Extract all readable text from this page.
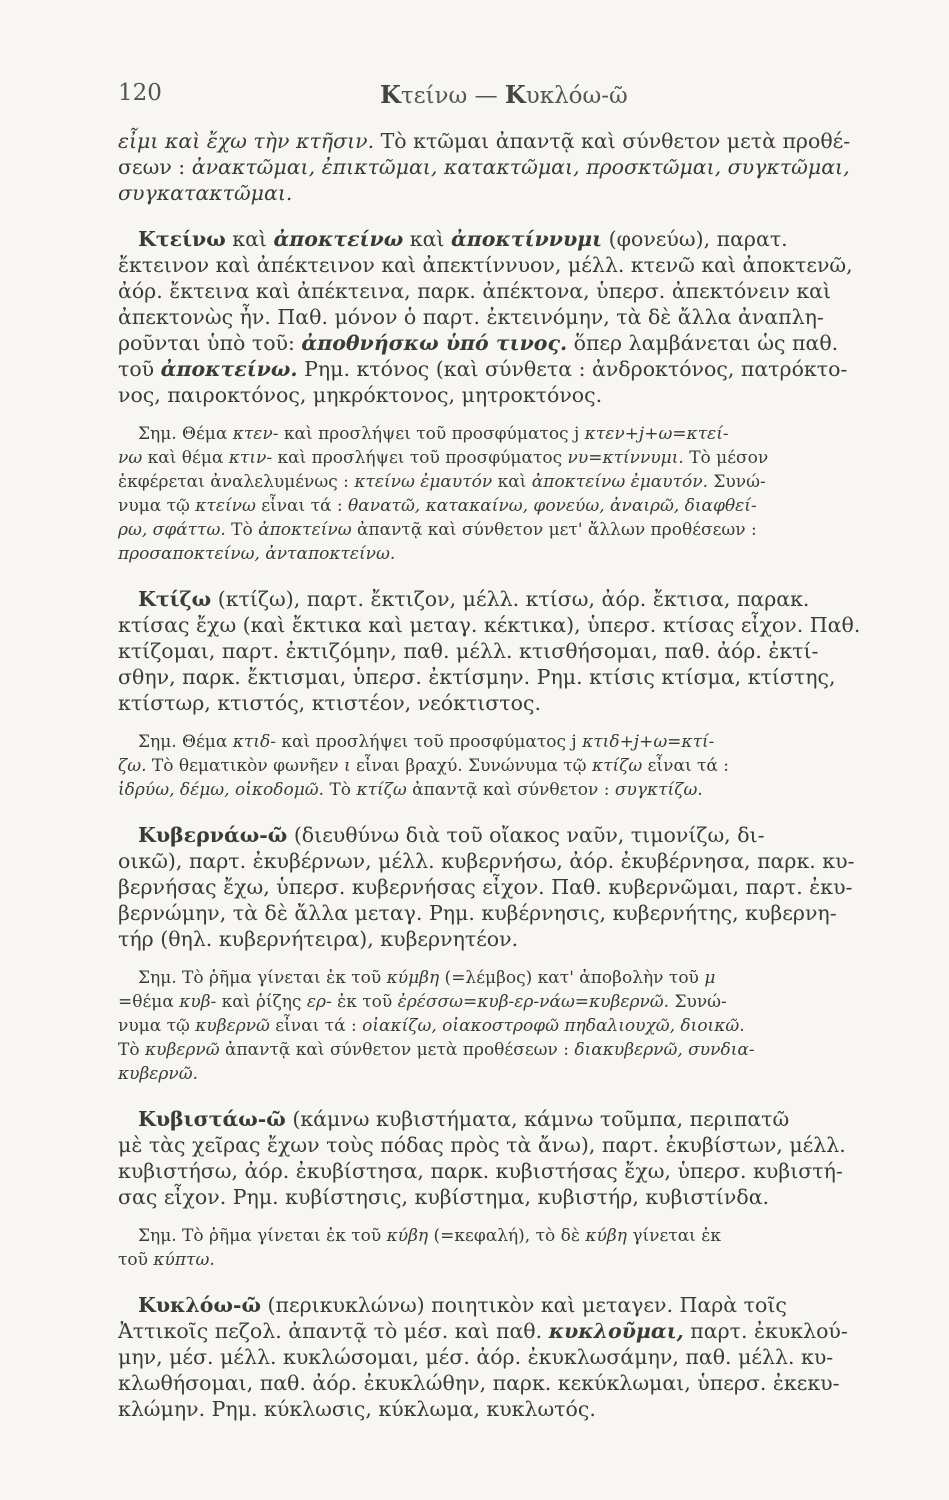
120	Κτείνω — Κυκλόω-ῶ

εἶμι καὶ ἔχω τὴν κτῆσιν. Τὸ κτῶμαι ἀπαντᾷ καὶ σύνθετον μετὰ προθέ-

σεων : ἀνακτῶμαι, ἐπικτῶμαι, κατακτῶμαι, προσκτῶμαι, συγκτῶμαι,

συγκατακτῶμαι.

Κτείνω καὶ ἀποκτείνω καὶ ἀποκτίννυμι (φονεύω), παρατ.

ἔκτεινον καὶ ἀπέκτεινον καὶ ἀπεκτίννυον, μέλλ. κτενῶ καὶ ἀποκτενῶ,

ἀόρ. ἔκτεινα καὶ ἀπέκτεινα, παρκ. ἀπέκτονα, ὑπερσ. ἀπεκτόνειν καὶ

ἀπεκτονὼς ἦν. Παθ. μόνον ὁ παρτ. ἐκτεινόμην, τὰ δὲ ἄλλα ἀναπλη-

ροῦνται ὑπὸ τοῦ: ἀποθνήσκω ὑπό τινος. ὅπερ λαμβάνεται ὡς παθ.

τοῦ ἀποκτείνω. Ρημ. κτόνος (καὶ σύνθετα : ἀνδροκτόνος, πατρόκτο-

νος, παιροκτόνος, μηκρόκτονος, μητροκτόνος.

Σημ. Θέμα κτεν- καὶ προσλήψει τοῦ προσφύματος j κτεν+j+ω=κτεί-

νω καὶ θέμα κτιν- καὶ προσλήψει τοῦ προσφύματος νυ=κτίννυμι. Τὸ μέσον

ἐκφέρεται ἀναλελυμένως : κτείνω ἐμαυτόν καὶ ἀποκτείνω ἐμαυτόν. Συνώ-

νυμα τῷ κτείνω εἶναι τά : θανατῶ, κατακαίνω, φονεύω, ἀναιρῶ, διαφθεί-

ρω, σφάττω. Τὸ ἀποκτείνω ἀπαντᾷ καὶ σύνθετον μετ' ἄλλων προθέσεων :

προσαποκτείνω, ἀνταποκτείνω.

Κτίζω (κτίζω), παρτ. ἔκτιζον, μέλλ. κτίσω, ἀόρ. ἔκτισα, παρακ.

κτίσας ἔχω (καὶ ἔκτικα καὶ μεταγ. κέκτικα), ὑπερσ. κτίσας εἶχον. Παθ.

κτίζομαι, παρτ. ἐκτιζόμην, παθ. μέλλ. κτισθήσομαι, παθ. ἀόρ. ἐκτί-

σθην, παρκ. ἔκτισμαι, ὑπερσ. ἐκτίσμην. Ρημ. κτίσις κτίσμα, κτίστης,

κτίστωρ, κτιστός, κτιστέον, νεόκτιστος.

Σημ. Θέμα κτιδ- καὶ προσλήψει τοῦ προσφύματος j κτιδ+j+ω=κτί-

ζω. Τὸ θεματικὸν φωνῆεν ι εἶναι βραχύ. Συνώνυμα τῷ κτίζω εἶναι τά :

ἱδρύω, δέμω, οἰκοδομῶ. Τὸ κτίζω ἀπαντᾷ καὶ σύνθετον : συγκτίζω.

Κυβερνάω-ῶ (διευθύνω διὰ τοῦ οἴακος ναῦν, τιμονίζω, δι-

οικῶ), παρτ. ἐκυβέρνων, μέλλ. κυβερνήσω, ἀόρ. ἐκυβέρνησα, παρκ. κυ-

βερνήσας ἔχω, ὑπερσ. κυβερνήσας εἶχον. Παθ. κυβερνῶμαι, παρτ. ἐκυ-

βερνώμην, τὰ δὲ ἄλλα μεταγ. Ρημ. κυβέρνησις, κυβερνήτης, κυβερνη-

τήρ (θηλ. κυβερνήτειρα), κυβερνητέον.

Σημ. Τὸ ῥῆμα γίνεται ἐκ τοῦ κύμβη (=λέμβος) κατ' ἀποβολὴν τοῦ μ

=θέμα κυβ- καὶ ῥίζης ερ- ἐκ τοῦ ἐρέσσω=κυβ-ερ-νάω=κυβερνῶ. Συνώ-

νυμα τῷ κυβερνῶ εἶναι τά : οἰακίζω, οἰακοστροφῶ πηδαλιουχῶ, διοικῶ.

Τὸ κυβερνῶ ἀπαντᾷ καὶ σύνθετον μετὰ προθέσεων : διακυβερνῶ, συνδια-

κυβερνῶ.

Κυβιστάω-ῶ (κάμνω κυβιστήματα, κάμνω τοῦμπα, περιπατῶ

μὲ τὰς χεῖρας ἔχων τοὺς πόδας πρὸς τὰ ἄνω), παρτ. ἐκυβίστων, μέλλ.

κυβιστήσω, ἀόρ. ἐκυβίστησα, παρκ. κυβιστήσας ἔχω, ὑπερσ. κυβιστή-

σας εἶχον. Ρημ. κυβίστησις, κυβίστημα, κυβιστήρ, κυβιστίνδα.

Σημ. Τὸ ῥῆμα γίνεται ἐκ τοῦ κύβη (=κεφαλή), τὸ δὲ κύβη γίνεται ἐκ

τοῦ κύπτω.

Κυκλόω-ῶ (περικυκλώνω) ποιητικὸν καὶ μεταγεν. Παρὰ τοῖς

Ἀττικοῖς πεζολ. ἀπαντᾷ τὸ μέσ. καὶ παθ. κυκλοῦμαι, παρτ. ἐκυκλού-

μην, μέσ. μέλλ. κυκλώσομαι, μέσ. ἀόρ. ἐκυκλωσάμην, παθ. μέλλ. κυ-

κλωθήσομαι, παθ. ἀόρ. ἐκυκλώθην, παρκ. κεκύκλωμαι, ὑπερσ. ἐκεκυ-

κλώμην. Ρημ. κύκλωσις, κύκλωμα, κυκλωτός.
